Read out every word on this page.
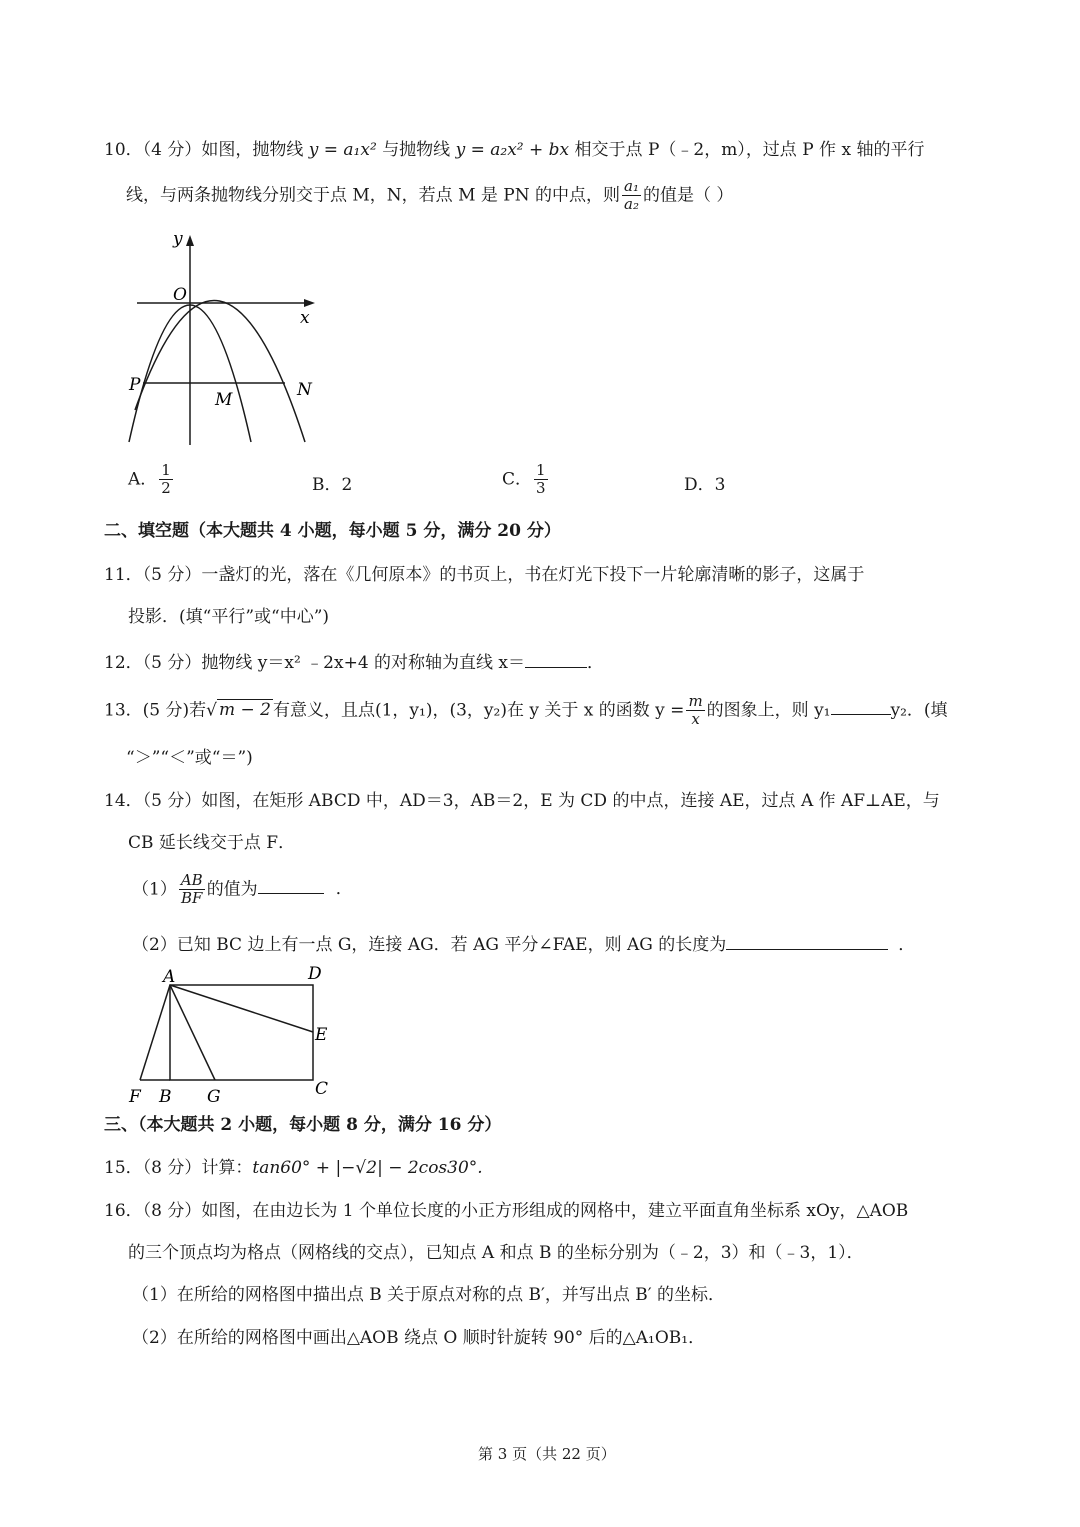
10．（4 分）如图，抛物线 y = a₁x² 与抛物线 y = a₂x² + bx 相交于点 P（﹣2，m），过点 P 作 x 轴的平行
线，与两条抛物线分别交于点 M，N，若点 M 是 PN 的中点，则 $\frac{\text{a₁}}{\text{a₂}}$ 的值是（ ）
y
x
O
P
M	N
A． $\frac{1}{2}$	B．2	C． $\frac{1}{3}$	D．3
二、填空题（本大题共 4 小题，每小题 5 分，满分 20 分）
11．（5 分）一盏灯的光，落在《几何原本》的书页上，书在灯光下投下一片轮廓清晰的影子，这属于
投影．(填“平行”或“中心”)
12．（5 分）抛物线 y＝x² ﹣2x+4 的对称轴为直线 x＝	．
13．(5 分)若√ m − 2 有意义，且点(1，y₁)，(3，y₂)在 y 关于 x 的函数 $y = \frac{m}{x}$ 的图象上，则 y₁	y₂．(填
“＞”“＜”或“＝”)
14．（5 分）如图，在矩形 ABCD 中，AD＝3，AB＝2，E 为 CD 的中点，连接 AE，过点 A 作 AF⊥AE，与
CB 延长线交于点 F．
$(1) \frac{AB}{BF}$ 的值为	．
（2）已知 BC 边上有一点 G，连接 AG．若 AG 平分∠FAE，则 AG 的长度为	．
A	D
E
F B G	C
三、（本大题共 2 小题，每小题 8 分，满分 16 分）
15．（8 分）计算：tan60° + |−√2| − 2cos30°.
16．（8 分）如图，在由边长为 1 个单位长度的小正方形组成的网格中，建立平面直角坐标系 xOy，△AOB
的三个顶点均为格点（网格线的交点），已知点 A 和点 B 的坐标分别为（﹣2，3）和（﹣3，1）．
（1）在所给的网格图中描出点 B 关于原点对称的点 B′，并写出点 B′ 的坐标．
（2）在所给的网格图中画出△AOB 绕点 O 顺时针旋转 90° 后的△A₁OB₁．
第 3 页（共 22 页）
